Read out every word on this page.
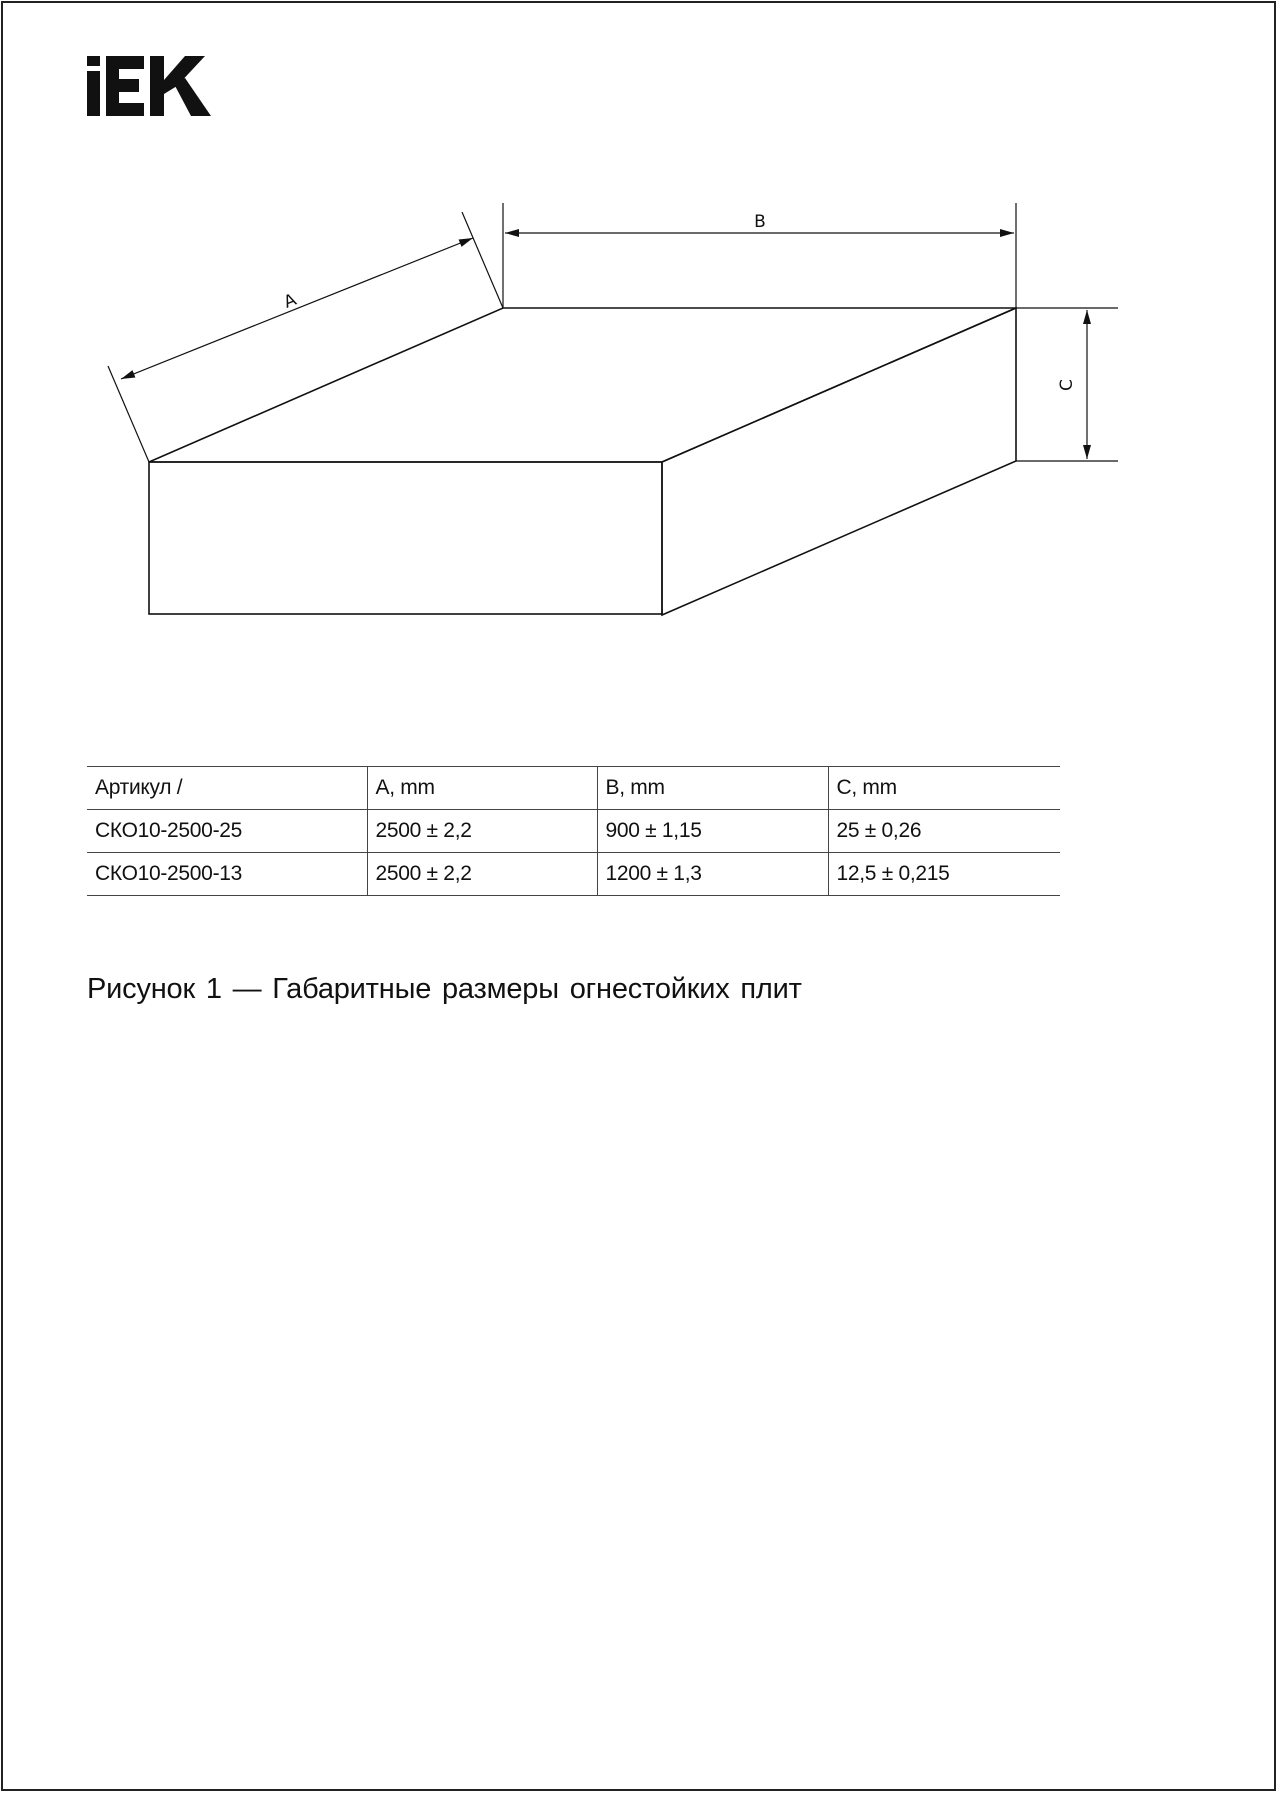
A
B
C
Артикул /	A, mm	B, mm	C, mm
СКО10-2500-25	2500 ± 2,2	900 ± 1,15	25 ± 0,26
СКО10-2500-13	2500 ± 2,2	1200 ± 1,3	12,5 ± 0,215

Рисунок 1 — Габаритные размеры огнестойких плит
